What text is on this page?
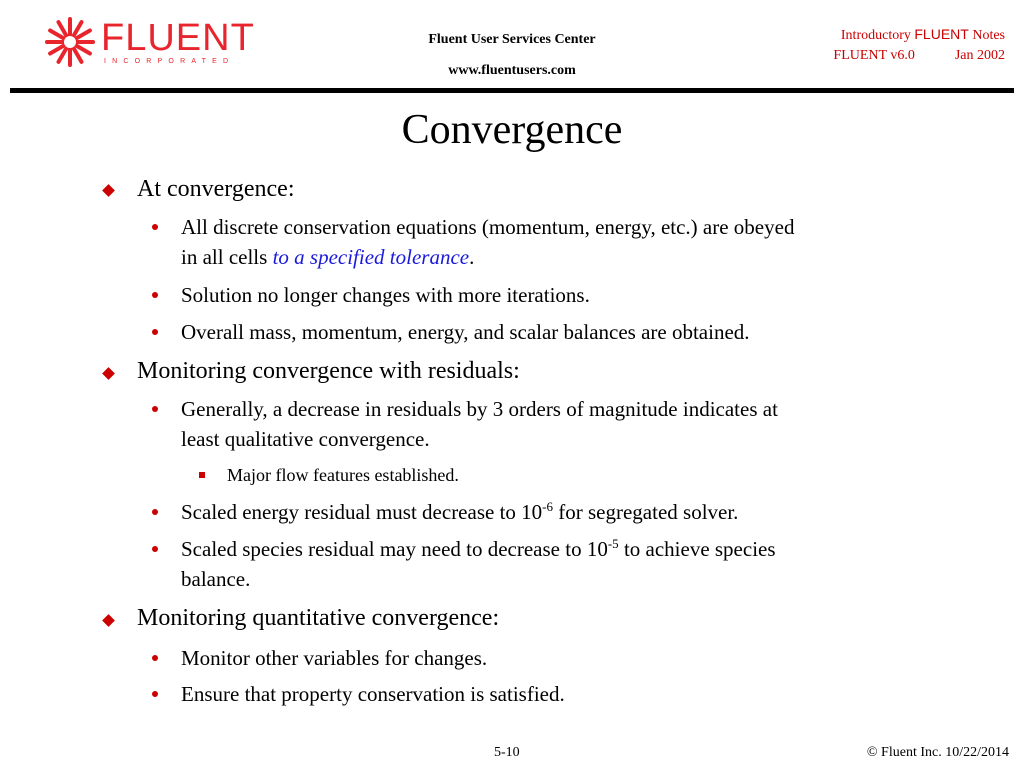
FLUENT
INCORPORATED
Fluent User Services Center
www.fluentusers.com
Introductory FLUENT Notes
FLUENT v6.0	Jan 2002
Convergence
At convergence:
All discrete conservation equations (momentum, energy, etc.) are obeyed
in all cells to a specified tolerance.
Solution no longer changes with more iterations.
Overall mass, momentum, energy, and scalar balances are obtained.
Monitoring convergence with residuals:
Generally, a decrease in residuals by 3 orders of magnitude indicates at
least qualitative convergence.
Major flow features established.
Scaled energy residual must decrease to $10^{-6}$ for segregated solver.
Scaled species residual may need to decrease to $10^{-5}$ to achieve species
balance.
Monitoring quantitative convergence:
Monitor other variables for changes.
Ensure that property conservation is satisfied.
5-10	© Fluent Inc. 10/22/2014
